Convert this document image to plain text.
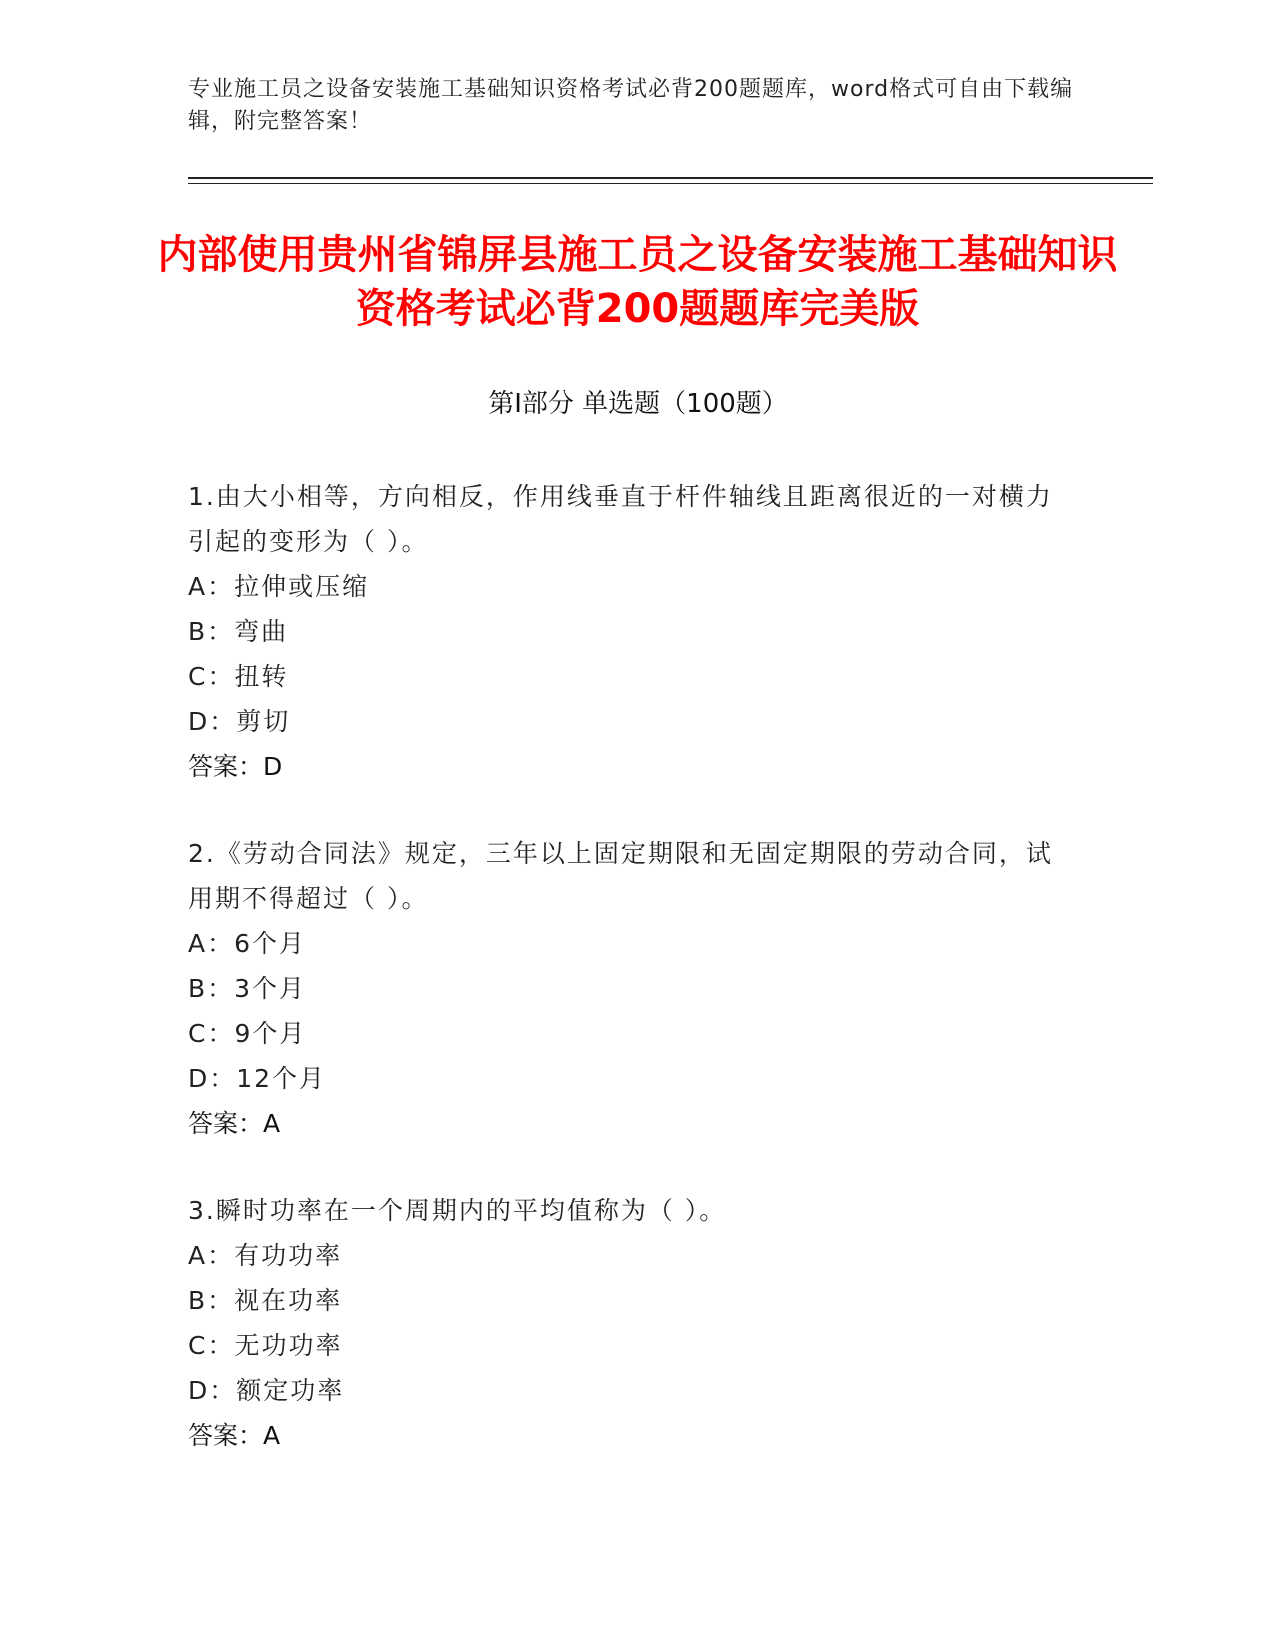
专业施工员之设备安装施工基础知识资格考试必背200题题库，word格式可自由下载编辑，附完整答案！
内部使用贵州省锦屏县施工员之设备安装施工基础知识资格考试必背200题题库完美版
第Ⅰ部分 单选题（100题）

1.由大小相等，方向相反，作用线垂直于杆件轴线且距离很近的一对横力引起的变形为（ ）。

A：拉伸或压缩

B：弯曲

C：扭转

D：剪切

答案：D

2.《劳动合同法》规定，三年以上固定期限和无固定期限的劳动合同，试用期不得超过（ ）。

A：6个月

B：3个月

C：9个月

D：12个月

答案：A

3.瞬时功率在一个周期内的平均值称为（ ）。

A：有功功率

B：视在功率

C：无功功率

D：额定功率

答案：A
